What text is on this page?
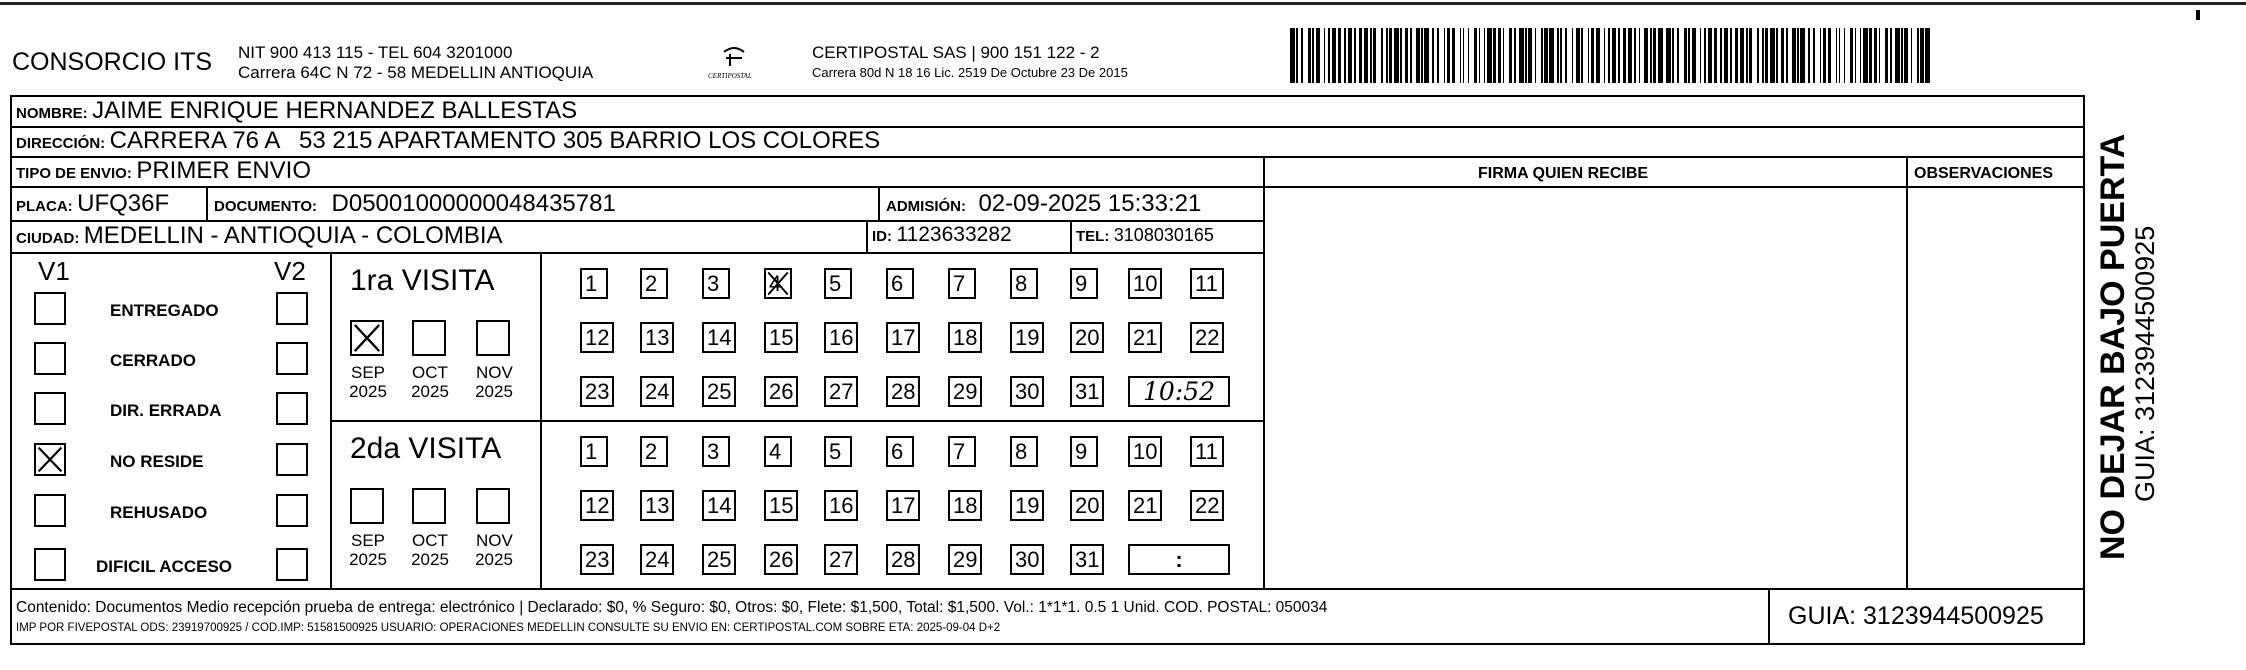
CONSORCIO ITS NIT 900 413 115 - TEL 604 3201000
Carrera 64C N 72 - 58 MEDELLIN ANTIOQUIA	CERTIPOSTAL
CERTIPOSTAL SAS | 900 151 122 - 2
Carrera 80d N 18 16 Lic. 2519 De Octubre 23 De 2015
NOMBRE: JAIME ENRIQUE HERNANDEZ BALLESTAS
DIRECCIÓN: CARRERA 76 A   53 215 APARTAMENTO 305 BARRIO LOS COLORES
TIPO DE ENVIO: PRIMER ENVIO	FIRMA QUIEN RECIBE	OBSERVACIONES
PLACA: UFQ36F	DOCUMENTO: D05001000000048435781	ADMISIÓN: 02-09-2025 15:33:21
CIUDAD: MEDELLIN - ANTIOQUIA - COLOMBIA	ID: 1123633282	TEL: 3108030165
V1	V2
ENTREGADO
CERRADO
DIR. ERRADA
NO RESIDE
REHUSADO
DIFICIL ACCESO
1ra VISITA
2da VISITA
SEP
2025
OCT
2025
NOV
2025
SEP
2025
OCT
2025
NOV
2025
1	2	3	4	5	6	7	8	9	10 11
12 13 14 15 16 17 18 19 20 21 22
23 24 25 26 27 28 29 30 31	10:52
1	2	3	4	5	6	7	8	9	10 11
12 13 14 15 16 17 18 19 20 21 22
23 24 25 26 27 28 29 30 31	:
Contenido: Documentos Medio recepción prueba de entrega: electrónico | Declarado: $0, % Seguro: $0, Otros: $0, Flete: $1,500, Total: $1,500. Vol.: 1*1*1. 0.5 1 Unid. COD. POSTAL: 050034
IMP POR FIVEPOSTAL ODS: 23919700925 / COD.IMP: 51581500925 USUARIO: OPERACIONES MEDELLIN CONSULTE SU ENVIO EN: CERTIPOSTAL.COM SOBRE ETA: 2025-09-04 D+2	GUIA: 3123944500925
NO DEJAR BAJO PUERTA
GUIA: 3123944500925
